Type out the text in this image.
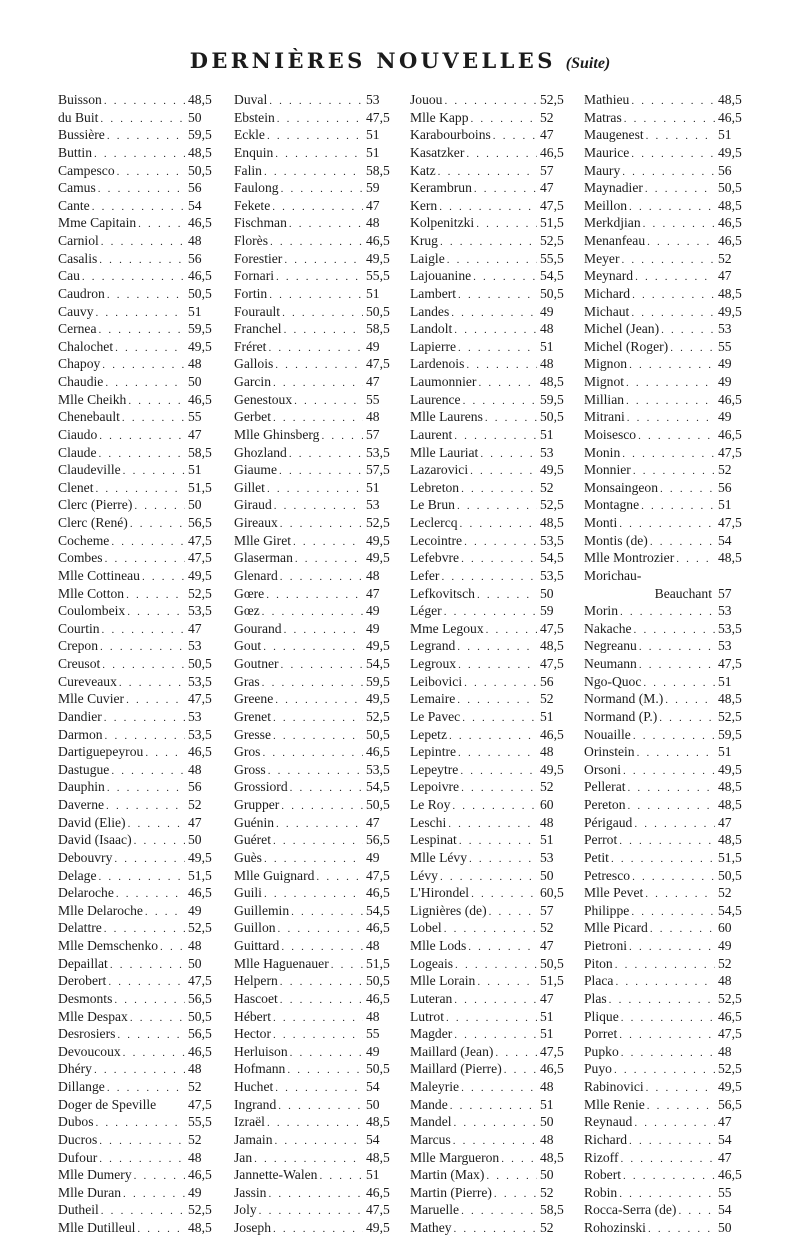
DERNIÈRES NOUVELLES (Suite)
Buisson . . .	48,5
du Buit . . .	50
Bussière . . .	59,5
Buttin . . .	48,5
Campesco . . .	50,5
Camus . . .	56
Cante . . .	54
Mme Capitain . . .	46,5
Carniol . . .	48
Casalis . . .	56
Cau . . .	46,5
Caudron . . .	50,5
Cauvy . . .	51
Cernea . . .	59,5
Chalochet . . .	49,5
Chapoy . . .	48
Chaudie . . .	50
Mlle Cheikh . . .	46,5
Chenebault . . .	55
Ciaudo . . .	47
Claude . . .	58,5
Claudeville . . .	51
Clenet . . .	51,5
Clerc (Pierre) . . .	50
Clerc (René) . . .	56,5
Cocheme . . .	47,5
Combes . . .	47,5
Mlle Cottineau . . .	49,5
Mlle Cotton . . .	52,5
Coulombeix . . .	53,5
Courtin . . .	47
Crepon . . .	53
Creusot . . .	50,5
Cureveaux . . .	53,5
Mlle Cuvier . . .	47,5
Dandier . . .	53
Darmon . . .	53,5
Dartiguepeyrou . . .	46,5
Dastugue . . .	48
Dauphin . . .	56
Daverne . . .	52
David (Elie) . . .	47
David (Isaac) . . .	50
Debouvry . . .	49,5
Delage . . .	51,5
Delaroche . . .	46,5
Mlle Delaroche . . .	49
Delattre . . .	52,5
Mlle Demschenko . . . 48
Depaillat . . .	50
Derobert . . .	47,5
Desmonts . . .	56,5
Mlle Despax . . .	50,5
Desrosiers . . .	56,5
Devoucoux . . .	46,5
Dhéry . . .	48
Dillange . . .	52
Doger de Speville 47,5
Dubos . . .	55,5
Ducros . . .	52
Dufour . . .	48
Mlle Dumery . . .	46,5
Mlle Duran . . .	49
Dutheil . . .	52,5
Mlle Dutilleul . . .	48,5
Duval . . .	53
Ebstein . . .	47,5
Eckle . . .	51
Enquin . . .	51
Falin . . .	58,5
Faulong . . .	59
Fekete . . .	47
Fischman . . .	48
Florès . . .	46,5
Forestier . . .	49,5
Fornari . . .	55,5
Fortin . . .	51
Fourault . . .	50,5
Franchel . . .	58,5
Fréret . . .	49
Gallois . . .	47,5
Garcin . . .	47
Genestoux . . .	55
Gerbet . . .	48
Mlle Ghinsberg . . .	57
Ghozland . . .	53,5
Giaume . . .	57,5
Gillet . . .	51
Giraud . . .	53
Gireaux . . .	52,5
Mlle Giret . . .	49,5
Glaserman . . .	49,5
Glenard . . .	48
Gœre . . .	47
Gœz . . .	49
Gourand . . .	49
Gout . . .	49,5
Goutner . . .	54,5
Gras . . .	59,5
Greene . . .	49,5
Grenet . . .	52,5
Gresse . . .	50,5
Gros . . .	46,5
Gross . . .	53,5
Grossiord . . .	54,5
Grupper . . .	50,5
Guénin . . .	47
Guéret . . .	56,5
Guès . . .	49
Mlle Guignard . . .	47,5
Guili . . .	46,5
Guillemin . . .	54,5
Guillon . . .	46,5
Guittard . . .	48
Mlle Haguenauer . . .	51,5
Helpern . . .	50,5
Hascoet . . .	46,5
Hébert . . .	48
Hector . . .	55
Herluison . . .	49
Hofmann . . .	50,5
Huchet . . .	54
Ingrand . . .	50
Izraël . . .	48,5
Jamain . . .	54
Jan . . .	48,5
Jannette-Walen . . .	51
Jassin . . .	46,5
Joly . . .	47,5
Joseph . . .	49,5
Jouou . . .	52,5
Mlle Kapp . . .	52
Karabourboins . . .	47
Kasatzker . . .	46,5
Katz . . .	57
Kerambrun . . .	47
Kern . . .	47,5
Kolpenitzki . . .	51,5
Krug . . .	52,5
Laigle . . .	55,5
Lajouanine . . .	54,5
Lambert . . .	50,5
Landes . . .	49
Landolt . . .	48
Lapierre . . .	51
Lardenois . . .	48
Laumonnier . . .	48,5
Laurence . . .	59,5
Mlle Laurens . . .	50,5
Laurent . . .	51
Mlle Lauriat . . .	53
Lazarovici . . .	49,5
Lebreton . . .	52
Le Brun . . .	52,5
Leclercq . . .	48,5
Lecointre . . .	53,5
Lefebvre . . .	54,5
Lefer . . .	53,5
Lefkovitsch . . .	50
Léger . . .	59
Mme Legoux . . .	47,5
Legrand . . .	48,5
Legroux . . .	47,5
Leibovici . . .	56
Lemaire . . .	52
Le Pavec . . .	51
Lepetz . . .	46,5
Lepintre . . .	48
Lepeytre . . .	49,5
Lepoivre . . .	52
Le Roy . . .	60
Leschi . . .	48
Lespinat . . .	51
Mlle Lévy . . .	53
Lévy . . .	50
L'Hirondel . . .	60,5
Lignières (de) . . .	57
Lobel . . .	52
Mlle Lods . . .	47
Logeais . . .	50,5
Mlle Lorain . . .	51,5
Luteran . . .	47
Lutrot . . .	51
Magder . . .	51
Maillard (Jean) . . .	47,5
Maillard (Pierre) . . .	46,5
Maleyrie . . .	48
Mande . . .	51
Mandel . . .	50
Marcus . . .	48
Mlle Margueron . . .	48,5
Martin (Max) . . .	50
Martin (Pierre) . . .	52
Maruelle . . .	58,5
Mathey . . .	52
Mathieu . . .	48,5
Matras . . .	46,5
Maugenest . . .	51
Maurice . . .	49,5
Maury . . .	56
Maynadier . . .	50,5
Meillon . . .	48,5
Merkdjian . . .	46,5
Menanfeau . . .	46,5
Meyer . . .	52
Meynard . . .	47
Michard . . .	48,5
Michaut . . .	49,5
Michel (Jean) . . .	53
Michel (Roger) . . .	55
Mignon . . .	49
Mignot . . .	49
Millian . . .	46,5
Mitrani . . .	49
Moisesco . . .	46,5
Monin . . .	47,5
Monnier . . .	52
Monsaingeon . . .	56
Montagne . . .	51
Monti . . .	47,5
Montis (de) . . .	54
Mlle Montrozier . . .	48,5
Morichau-
Beauchant 57
Morin . . .	53
Nakache . . .	53,5
Negreanu . . .	53
Neumann . . .	47,5
Ngo-Quoc . . .	51
Normand (M.) . . .	48,5
Normand (P.) . . .	52,5
Nouaille . . .	59,5
Orinstein . . .	51
Orsoni . . .	49,5
Pellerat . . .	48,5
Pereton . . .	48,5
Périgaud . . .	47
Perrot . . .	48,5
Petit . . .	51,5
Petresco . . .	50,5
Mlle Pevet . . .	52
Philippe . . .	54,5
Mlle Picard . . .	60
Pietroni . . .	49
Piton . . .	52
Placa . . .	48
Plas . . .	52,5
Plique . . .	46,5
Porret . . .	47,5
Pupko . . .	48
Puyo . . .	52,5
Rabinovici . . .	49,5
Mlle Renie . . .	56,5
Reynaud . . .	47
Richard . . .	54
Rizoff . . .	47
Robert . . .	46,5
Robin . . .	55
Rocca-Serra (de) . . .	54
Rohozinski . . .	50
